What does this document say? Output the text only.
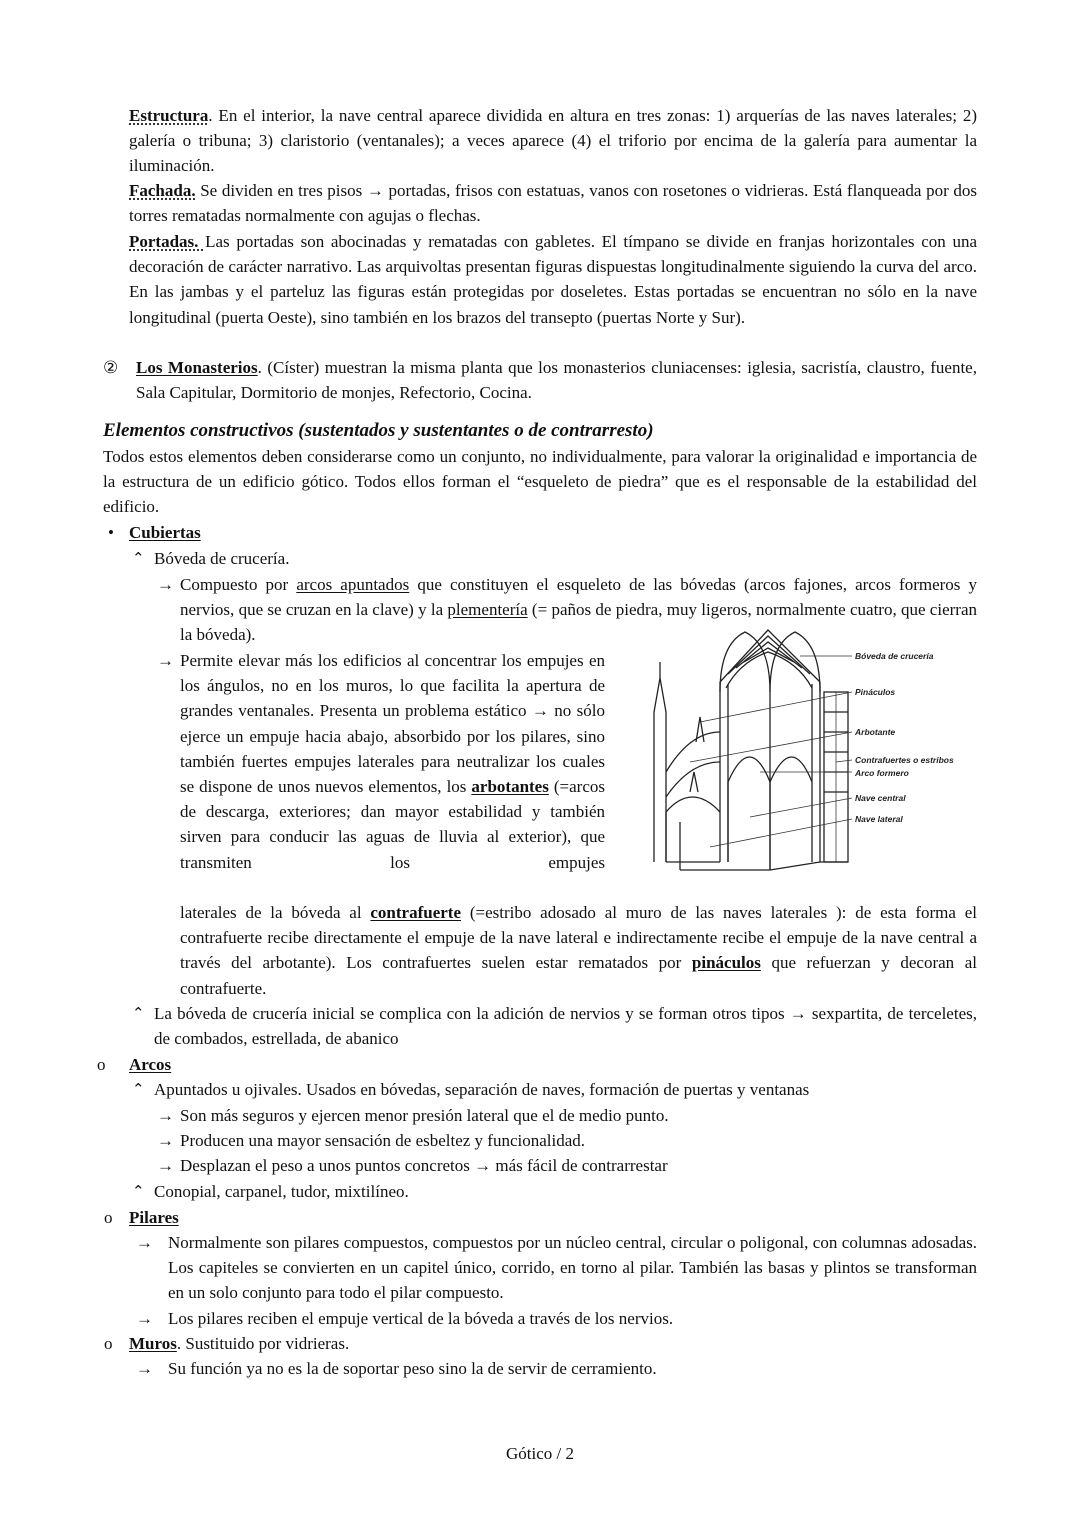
Estructura. En el interior, la nave central aparece dividida en altura en tres zonas: 1) arquerías de las naves laterales; 2) galería o tribuna; 3) claristorio (ventanales); a veces aparece (4) el triforio por encima de la galería para aumentar la iluminación.

Fachada. Se dividen en tres pisos → portadas, frisos con estatuas, vanos con rosetones o vidrieras. Está flanqueada por dos torres rematadas normalmente con agujas o flechas.

Portadas. Las portadas son abocinadas y rematadas con gabletes. El tímpano se divide en franjas horizontales con una decoración de carácter narrativo. Las arquivoltas presentan figuras dispuestas longitudinalmente siguiendo la curva del arco. En las jambas y el parteluz las figuras están protegidas por doseletes. Estas portadas se encuentran no sólo en la nave longitudinal (puerta Oeste), sino también en los brazos del transepto (puertas Norte y Sur).

② Los Monasterios. (Císter) muestran la misma planta que los monasterios cluniacenses: iglesia, sacristía, claustro, fuente, Sala Capitular, Dormitorio de monjes, Refectorio, Cocina.

Elementos constructivos (sustentados y sustentantes o de contrarresto)

Todos estos elementos deben considerarse como un conjunto, no individualmente, para valorar la originalidad e importancia de la estructura de un edificio gótico. Todos ellos forman el “esqueleto de piedra” que es el responsable de la estabilidad del edificio.

• Cubiertas
⌃ Bóveda de crucería.
→ Compuesto por arcos apuntados que constituyen el esqueleto de las bóvedas (arcos fajones, arcos formeros y nervios, que se cruzan en la clave) y la plementería (= paños de piedra, muy ligeros, normalmente cuatro, que cierran la bóveda).

→ Permite elevar más los edificios al concentrar los empujes en los ángulos, no en los muros, lo que facilita la apertura de grandes ventanales. Presenta un problema estático → no sólo ejerce un empuje hacia abajo, absorbido por los pilares, sino también fuertes empujes laterales para neutralizar los cuales se dispone de unos nuevos elementos, los arbotantes (=arcos de descarga, exteriores; dan mayor estabilidad y también sirven para conducir las aguas de lluvia al exterior), que transmiten los empujes

laterales de la bóveda al contrafuerte (=estribo adosado al muro de las naves laterales ): de esta forma el contrafuerte recibe directamente el empuje de la nave lateral e indirectamente recibe el empuje de la nave central a través del arbotante). Los contrafuertes suelen estar rematados por pináculos que refuerzan y decoran al contrafuerte.

⌃ La bóveda de crucería inicial se complica con la adición de nervios y se forman otros tipos → sexpartita, de terceletes, de combados, estrellada, de abanico

Bóveda de crucería
Pináculos
Arbotante
Contrafuertes o estribos
Arco formero
Nave central
Nave lateral
o Arcos
⌃ Apuntados u ojivales. Usados en bóvedas, separación de naves, formación de puertas y ventanas
→ Son más seguros y ejercen menor presión lateral que el de medio punto.
→ Producen una mayor sensación de esbeltez y funcionalidad.
→ Desplazan el peso a unos puntos concretos → más fácil de contrarrestar
⌃ Conopial, carpanel, tudor, mixtilíneo.
o Pilares
→ Normalmente son pilares compuestos, compuestos por un núcleo central, circular o poligonal, con columnas adosadas. Los capiteles se convierten en un capitel único, corrido, en torno al pilar. También las basas y plintos se transforman en un solo conjunto para todo el pilar compuesto.

→ Los pilares reciben el empuje vertical de la bóveda a través de los nervios.
o Muros. Sustituido por vidrieras.
→ Su función ya no es la de soportar peso sino la de servir de cerramiento.
Gótico / 2
